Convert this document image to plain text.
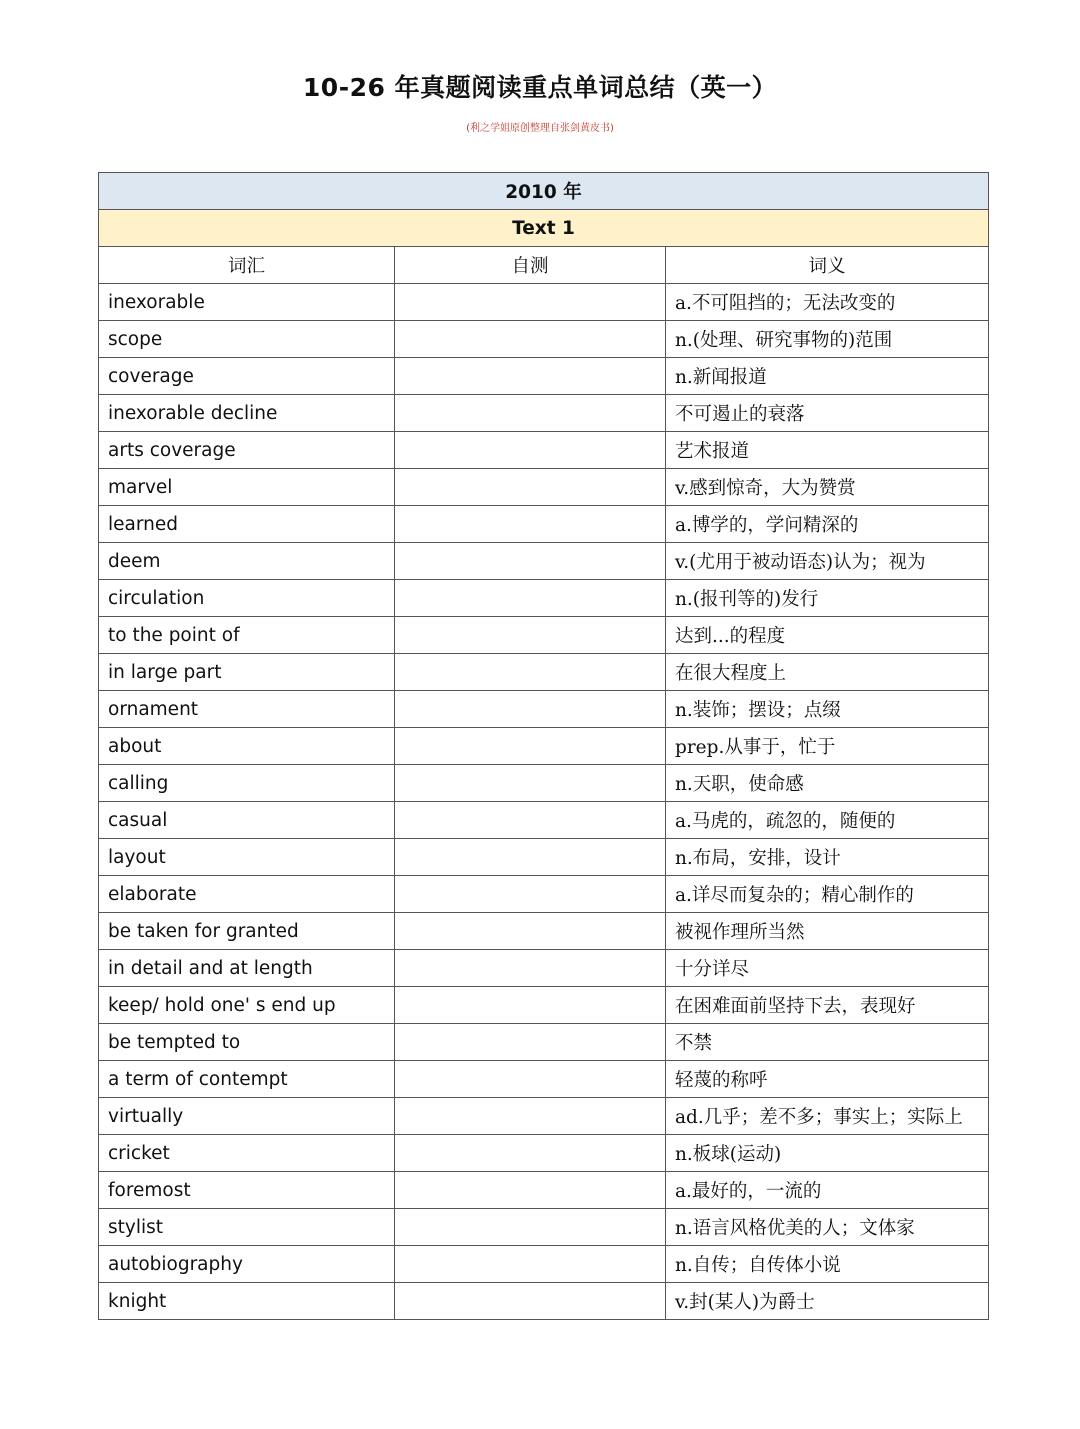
10-26 年真题阅读重点单词总结（英一）
(利之学姐原创整理自张剑黄皮书)
2010 年		
Text 1		
词汇	自测	词义
inexorable		a.不可阻挡的；无法改变的
scope		n.(处理、研究事物的)范围
coverage		n.新闻报道
inexorable decline		不可遏止的衰落
arts coverage		艺术报道
marvel		v.感到惊奇，大为赞赏
learned		a.博学的，学问精深的
deem		v.(尤用于被动语态)认为；视为
circulation		n.(报刊等的)发行
to the point of		达到...的程度
in large part		在很大程度上
ornament		n.装饰；摆设；点缀
about		prep.从事于，忙于
calling		n.天职，使命感
casual		a.马虎的，疏忽的，随便的
layout		n.布局，安排，设计
elaborate		a.详尽而复杂的；精心制作的
be taken for granted		被视作理所当然
in detail and at length		十分详尽
keep/ hold one' s end up		在困难面前坚持下去，表现好
be tempted to		不禁
a term of contempt		轻蔑的称呼
virtually		ad.几乎；差不多；事实上；实际上
cricket		n.板球(运动)
foremost		a.最好的，一流的
stylist		n.语言风格优美的人；文体家
autobiography		n.自传；自传体小说
knight		v.封(某人)为爵士
